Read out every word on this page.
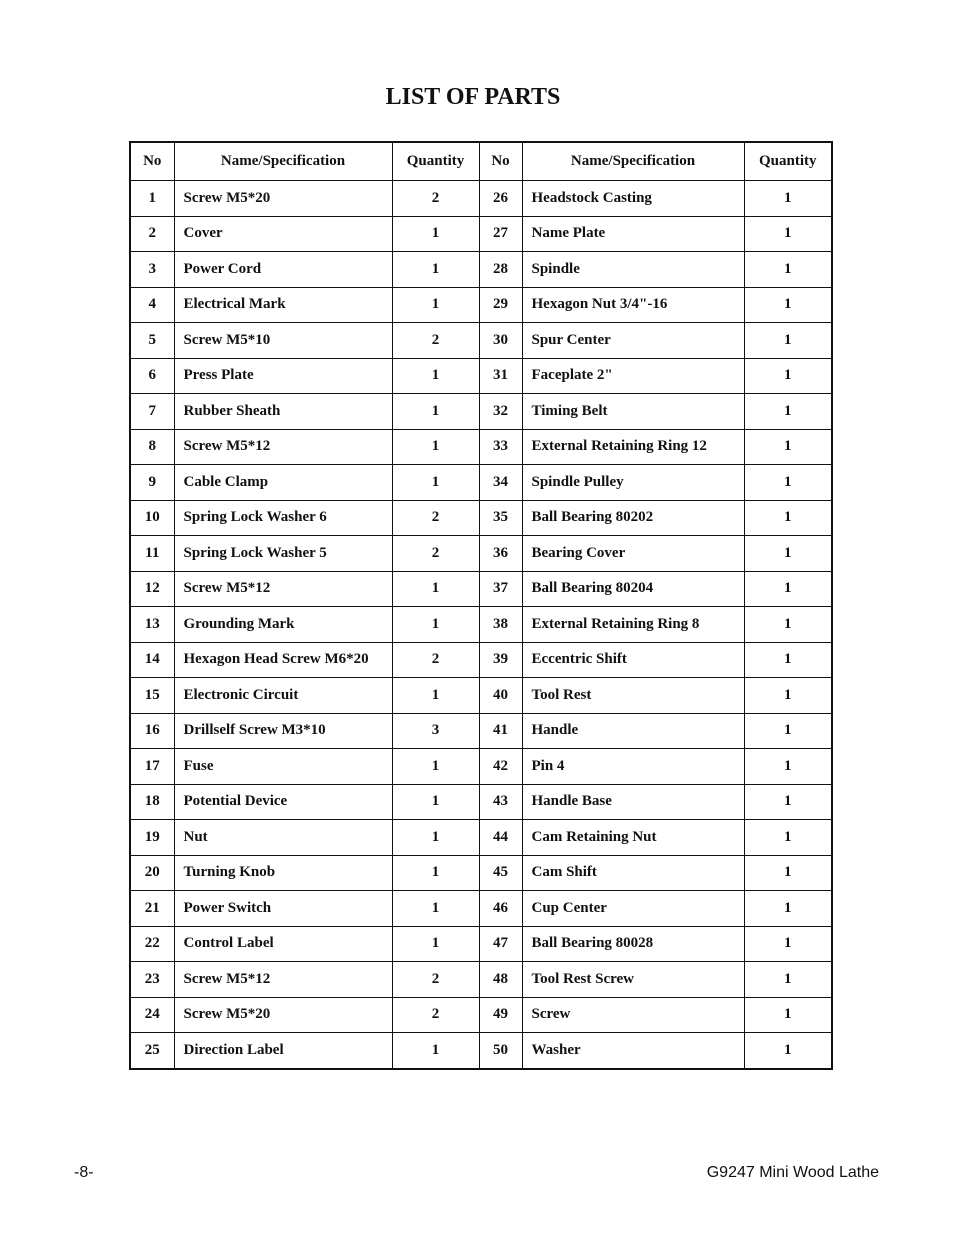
LIST OF PARTS
No	Name/Specification	Quantity	No	Name/Specification	Quantity
1	Screw M5*20	2	26	Headstock Casting	1
2	Cover	1	27	Name Plate	1
3	Power Cord	1	28	Spindle	1
4	Electrical Mark	1	29	Hexagon Nut 3/4"-16	1
5	Screw M5*10	2	30	Spur Center	1
6	Press Plate	1	31	Faceplate 2"	1
7	Rubber Sheath	1	32	Timing Belt	1
8	Screw M5*12	1	33	External Retaining Ring 12	1
9	Cable Clamp	1	34	Spindle Pulley	1
10	Spring Lock Washer 6	2	35	Ball Bearing 80202	1
11	Spring Lock Washer 5	2	36	Bearing Cover	1
12	Screw M5*12	1	37	Ball Bearing 80204	1
13	Grounding Mark	1	38	External Retaining Ring 8	1
14	Hexagon Head Screw M6*20	2	39	Eccentric Shift	1
15	Electronic Circuit	1	40	Tool Rest	1
16	Drillself Screw M3*10	3	41	Handle	1
17	Fuse	1	42	Pin 4	1
18	Potential Device	1	43	Handle Base	1
19	Nut	1	44	Cam Retaining Nut	1
20	Turning Knob	1	45	Cam Shift	1
21	Power Switch	1	46	Cup Center	1
22	Control Label	1	47	Ball Bearing 80028	1
23	Screw M5*12	2	48	Tool Rest Screw	1
24	Screw M5*20	2	49	Screw	1
25	Direction Label	1	50	Washer	1
-8-	G9247 Mini Wood Lathe
